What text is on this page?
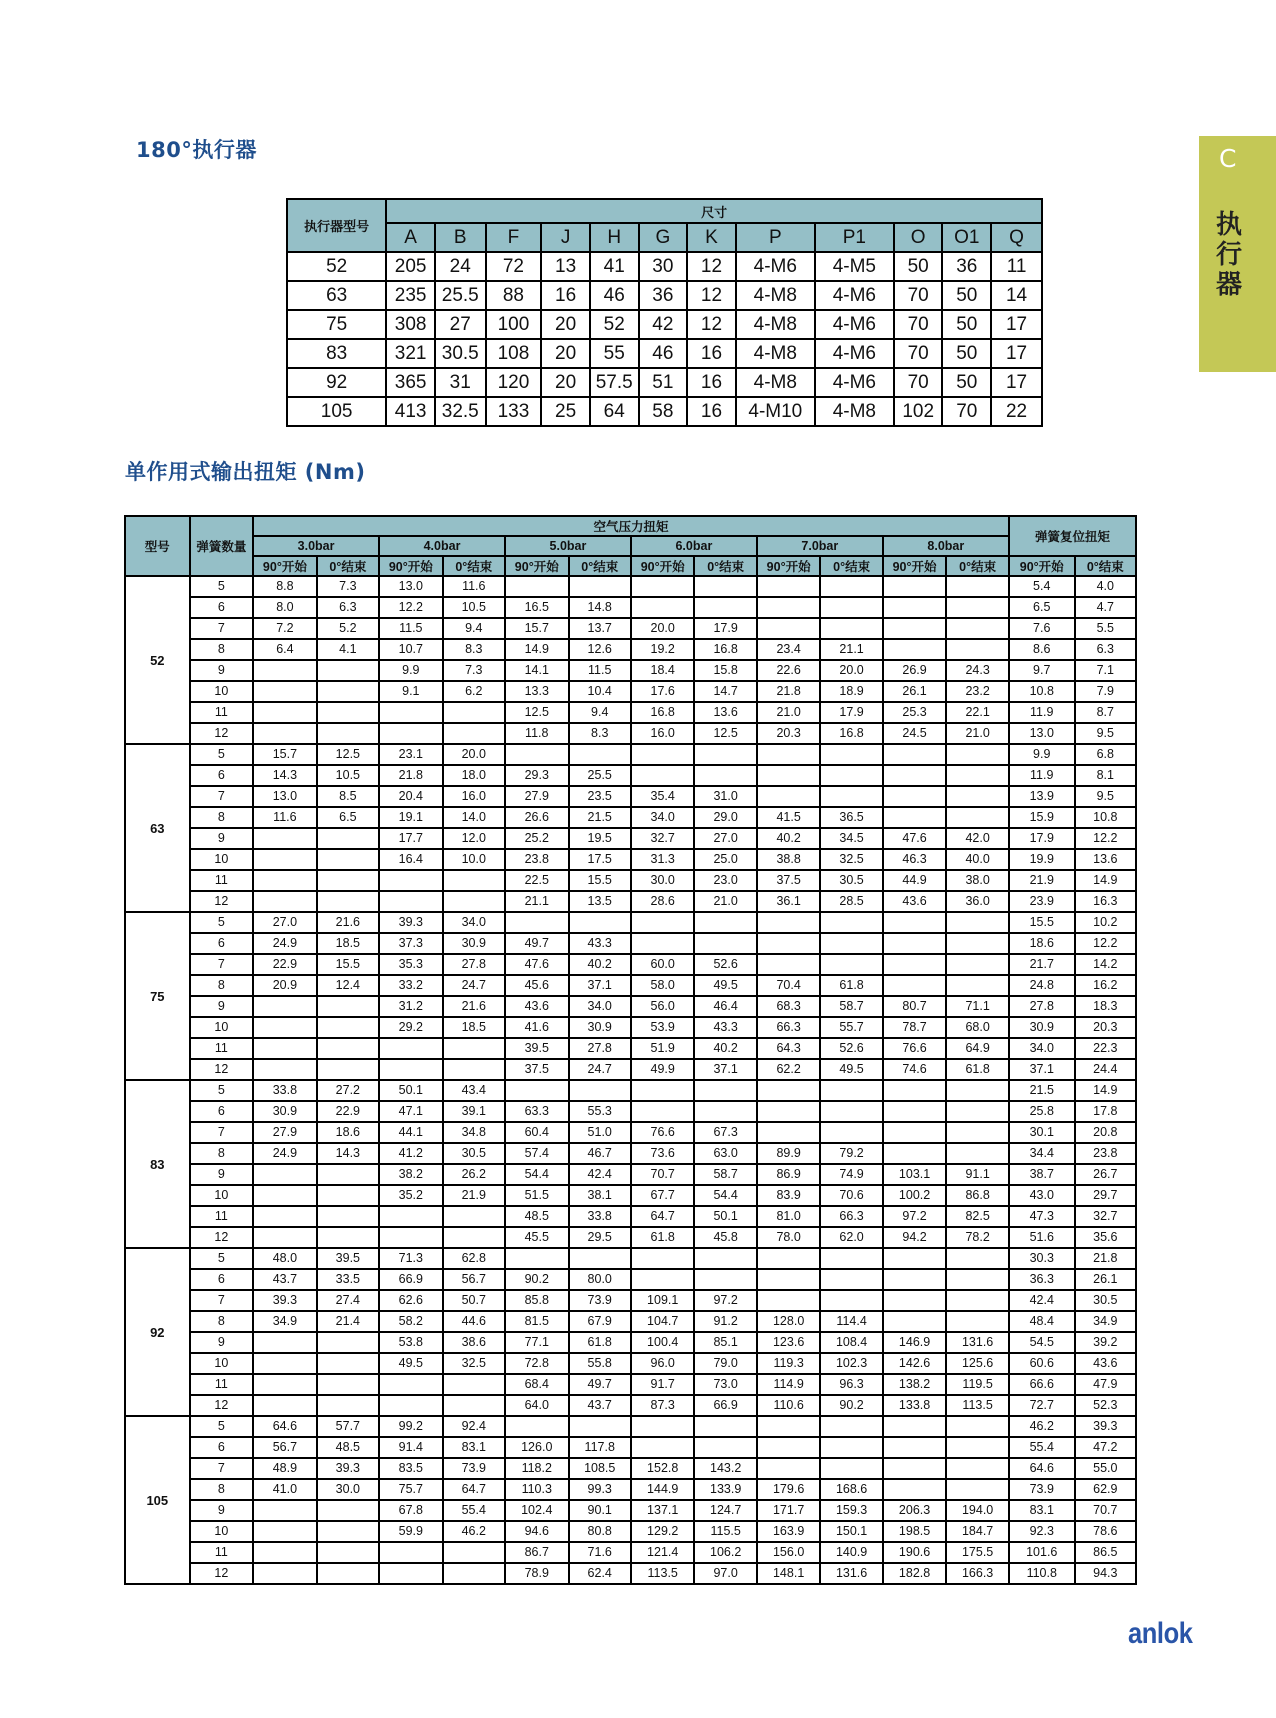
180°执行器	C
执行器
执行器型号	尺寸											
	A	B	F	J	H	G	K	P	P1	O	O1	Q
52	205	24	72	13	41	30	12	4-M6	4-M5	50	36	11
63	235	25.5	88	16	46	36	12	4-M8	4-M6	70	50	14
75	308	27	100	20	52	42	12	4-M8	4-M6	70	50	17
83	321	30.5	108	20	55	46	16	4-M8	4-M6	70	50	17
92	365	31	120	20	57.5	51	16	4-M8	4-M6	70	50	17
105	413	32.5	133	25	64	58	16	4-M10	4-M8	102	70	22
单作用式输出扭矩 (Nm)
型号	弹簧数量	空气压力扭矩												弹簧复位扭矩	
		3.0bar		4.0bar		5.0bar		6.0bar		7.0bar		8.0bar			
		90°开始	0°结束	90°开始	0°结束	90°开始	0°结束	90°开始	0°结束	90°开始	0°结束	90°开始	0°结束	90°开始	0°结束
52	5	8.8	7.3	13.0	11.6									5.4	4.0
	6	8.0	6.3	12.2	10.5	16.5	14.8							6.5	4.7
	7	7.2	5.2	11.5	9.4	15.7	13.7	20.0	17.9					7.6	5.5
	8	6.4	4.1	10.7	8.3	14.9	12.6	19.2	16.8	23.4	21.1			8.6	6.3
	9			9.9	7.3	14.1	11.5	18.4	15.8	22.6	20.0	26.9	24.3	9.7	7.1
	10			9.1	6.2	13.3	10.4	17.6	14.7	21.8	18.9	26.1	23.2	10.8	7.9
	11					12.5	9.4	16.8	13.6	21.0	17.9	25.3	22.1	11.9	8.7
	12					11.8	8.3	16.0	12.5	20.3	16.8	24.5	21.0	13.0	9.5
63	5	15.7	12.5	23.1	20.0									9.9	6.8
	6	14.3	10.5	21.8	18.0	29.3	25.5							11.9	8.1
	7	13.0	8.5	20.4	16.0	27.9	23.5	35.4	31.0					13.9	9.5
	8	11.6	6.5	19.1	14.0	26.6	21.5	34.0	29.0	41.5	36.5			15.9	10.8
	9			17.7	12.0	25.2	19.5	32.7	27.0	40.2	34.5	47.6	42.0	17.9	12.2
	10			16.4	10.0	23.8	17.5	31.3	25.0	38.8	32.5	46.3	40.0	19.9	13.6
	11					22.5	15.5	30.0	23.0	37.5	30.5	44.9	38.0	21.9	14.9
	12					21.1	13.5	28.6	21.0	36.1	28.5	43.6	36.0	23.9	16.3
75	5	27.0	21.6	39.3	34.0									15.5	10.2
	6	24.9	18.5	37.3	30.9	49.7	43.3							18.6	12.2
	7	22.9	15.5	35.3	27.8	47.6	40.2	60.0	52.6					21.7	14.2
	8	20.9	12.4	33.2	24.7	45.6	37.1	58.0	49.5	70.4	61.8			24.8	16.2
	9			31.2	21.6	43.6	34.0	56.0	46.4	68.3	58.7	80.7	71.1	27.8	18.3
	10			29.2	18.5	41.6	30.9	53.9	43.3	66.3	55.7	78.7	68.0	30.9	20.3
	11					39.5	27.8	51.9	40.2	64.3	52.6	76.6	64.9	34.0	22.3
	12					37.5	24.7	49.9	37.1	62.2	49.5	74.6	61.8	37.1	24.4
83	5	33.8	27.2	50.1	43.4									21.5	14.9
	6	30.9	22.9	47.1	39.1	63.3	55.3							25.8	17.8
	7	27.9	18.6	44.1	34.8	60.4	51.0	76.6	67.3					30.1	20.8
	8	24.9	14.3	41.2	30.5	57.4	46.7	73.6	63.0	89.9	79.2			34.4	23.8
	9			38.2	26.2	54.4	42.4	70.7	58.7	86.9	74.9	103.1	91.1	38.7	26.7
	10			35.2	21.9	51.5	38.1	67.7	54.4	83.9	70.6	100.2	86.8	43.0	29.7
	11					48.5	33.8	64.7	50.1	81.0	66.3	97.2	82.5	47.3	32.7
	12					45.5	29.5	61.8	45.8	78.0	62.0	94.2	78.2	51.6	35.6
92	5	48.0	39.5	71.3	62.8									30.3	21.8
	6	43.7	33.5	66.9	56.7	90.2	80.0							36.3	26.1
	7	39.3	27.4	62.6	50.7	85.8	73.9	109.1	97.2					42.4	30.5
	8	34.9	21.4	58.2	44.6	81.5	67.9	104.7	91.2	128.0	114.4			48.4	34.9
	9			53.8	38.6	77.1	61.8	100.4	85.1	123.6	108.4	146.9	131.6	54.5	39.2
	10			49.5	32.5	72.8	55.8	96.0	79.0	119.3	102.3	142.6	125.6	60.6	43.6
	11					68.4	49.7	91.7	73.0	114.9	96.3	138.2	119.5	66.6	47.9
	12					64.0	43.7	87.3	66.9	110.6	90.2	133.8	113.5	72.7	52.3
105	5	64.6	57.7	99.2	92.4									46.2	39.3
	6	56.7	48.5	91.4	83.1	126.0	117.8							55.4	47.2
	7	48.9	39.3	83.5	73.9	118.2	108.5	152.8	143.2					64.6	55.0
	8	41.0	30.0	75.7	64.7	110.3	99.3	144.9	133.9	179.6	168.6			73.9	62.9
	9			67.8	55.4	102.4	90.1	137.1	124.7	171.7	159.3	206.3	194.0	83.1	70.7
	10			59.9	46.2	94.6	80.8	129.2	115.5	163.9	150.1	198.5	184.7	92.3	78.6
	11					86.7	71.6	121.4	106.2	156.0	140.9	190.6	175.5	101.6	86.5
	12					78.9	62.4	113.5	97.0	148.1	131.6	182.8	166.3	110.8	94.3
anlok
